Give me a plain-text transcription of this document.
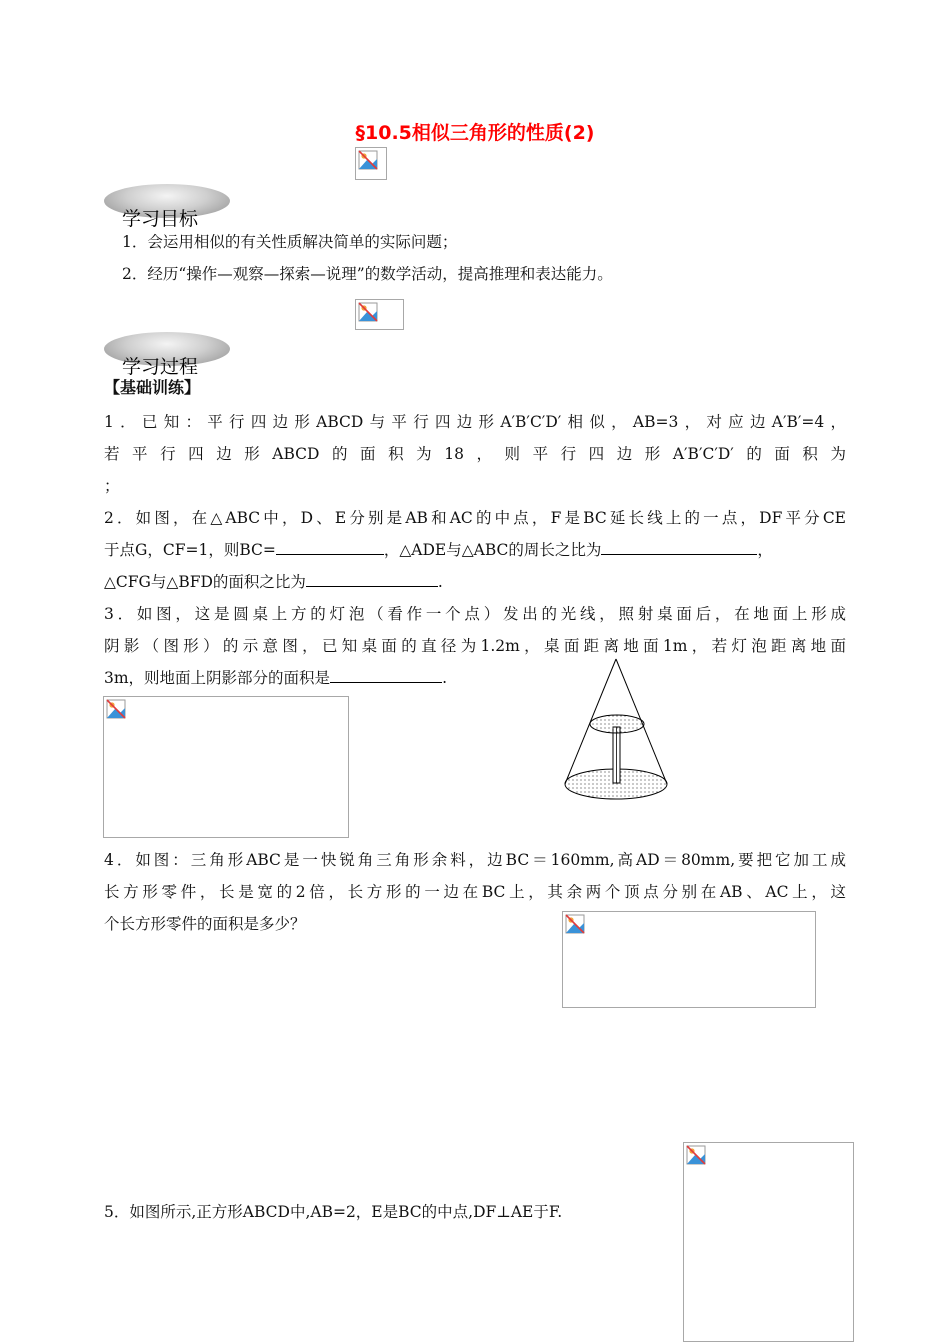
§10.5相似三角形的性质(2)
学习目标
1．会运用相似的有关性质解决简单的实际问题；
2．经历“操作—观察—探索—说理”的数学活动，提高推理和表达能力。
学习过程
【基础训练】
1．已知：平行四边形ABCD与平行四边形A′B′C′D′相似，AB=3，对应边A′B′=4，
若平行四边形ABCD的面积为18，则平行四边形A′B′C′D′的面积为
；
2．如图，在△ABC中，D、E分别是AB和AC的中点，F是BC延长线上的一点，DF平分CE
于点G，CF=1，则BC=	，△ADE与△ABC的周长之比为	，
△CFG与△BFD的面积之比为	.
3．如图，这是圆桌上方的灯泡（看作一个点）发出的光线，照射桌面后，在地面上形成
阴影（图形）的示意图，已知桌面的直径为1.2m，桌面距离地面1m，若灯泡距离地面
3m，则地面上阴影部分的面积是	.
4．如图：三角形ABC是一快锐角三角形余料，边BC＝160mm,高AD＝80mm,要把它加工成
长方形零件，长是宽的2倍，长方形的一边在BC上，其余两个顶点分别在AB、AC上，这
个长方形零件的面积是多少？
5．如图所示,正方形ABCD中,AB=2，E是BC的中点,DF⊥AE于F.
